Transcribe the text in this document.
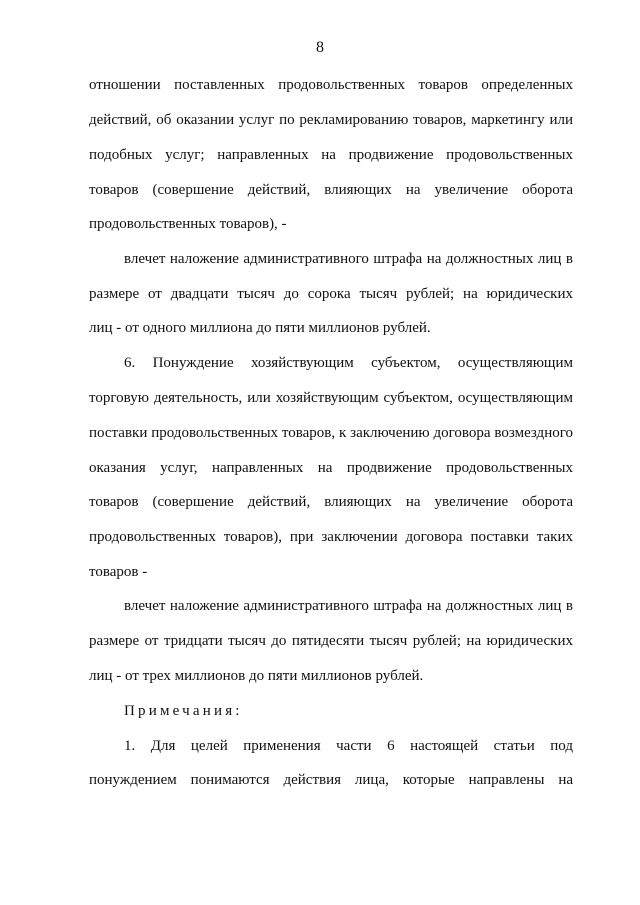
8
отношении поставленных продовольственных товаров определенных
действий, об оказании услуг по рекламированию товаров, маркетингу или
подобных услуг; направленных на продвижение продовольственных
товаров (совершение действий, влияющих на увеличение оборота
продовольственных товаров), -
влечет наложение административного штрафа на должностных лиц в
размере от двадцати тысяч до сорока тысяч рублей; на юридических
лиц - от одного миллиона до пяти миллионов рублей.
6. Понуждение хозяйствующим субъектом, осуществляющим
торговую деятельность, или хозяйствующим субъектом, осуществляющим
поставки продовольственных товаров, к заключению договора возмездного
оказания услуг, направленных на продвижение продовольственных
товаров (совершение действий, влияющих на увеличение оборота
продовольственных товаров), при заключении договора поставки таких
товаров -
влечет наложение административного штрафа на должностных лиц в
размере от тридцати тысяч до пятидесяти тысяч рублей; на юридических
лиц - от трех миллионов до пяти миллионов рублей.
Примечания:
1. Для целей применения части 6 настоящей статьи под
понуждением понимаются действия лица, которые направлены на
